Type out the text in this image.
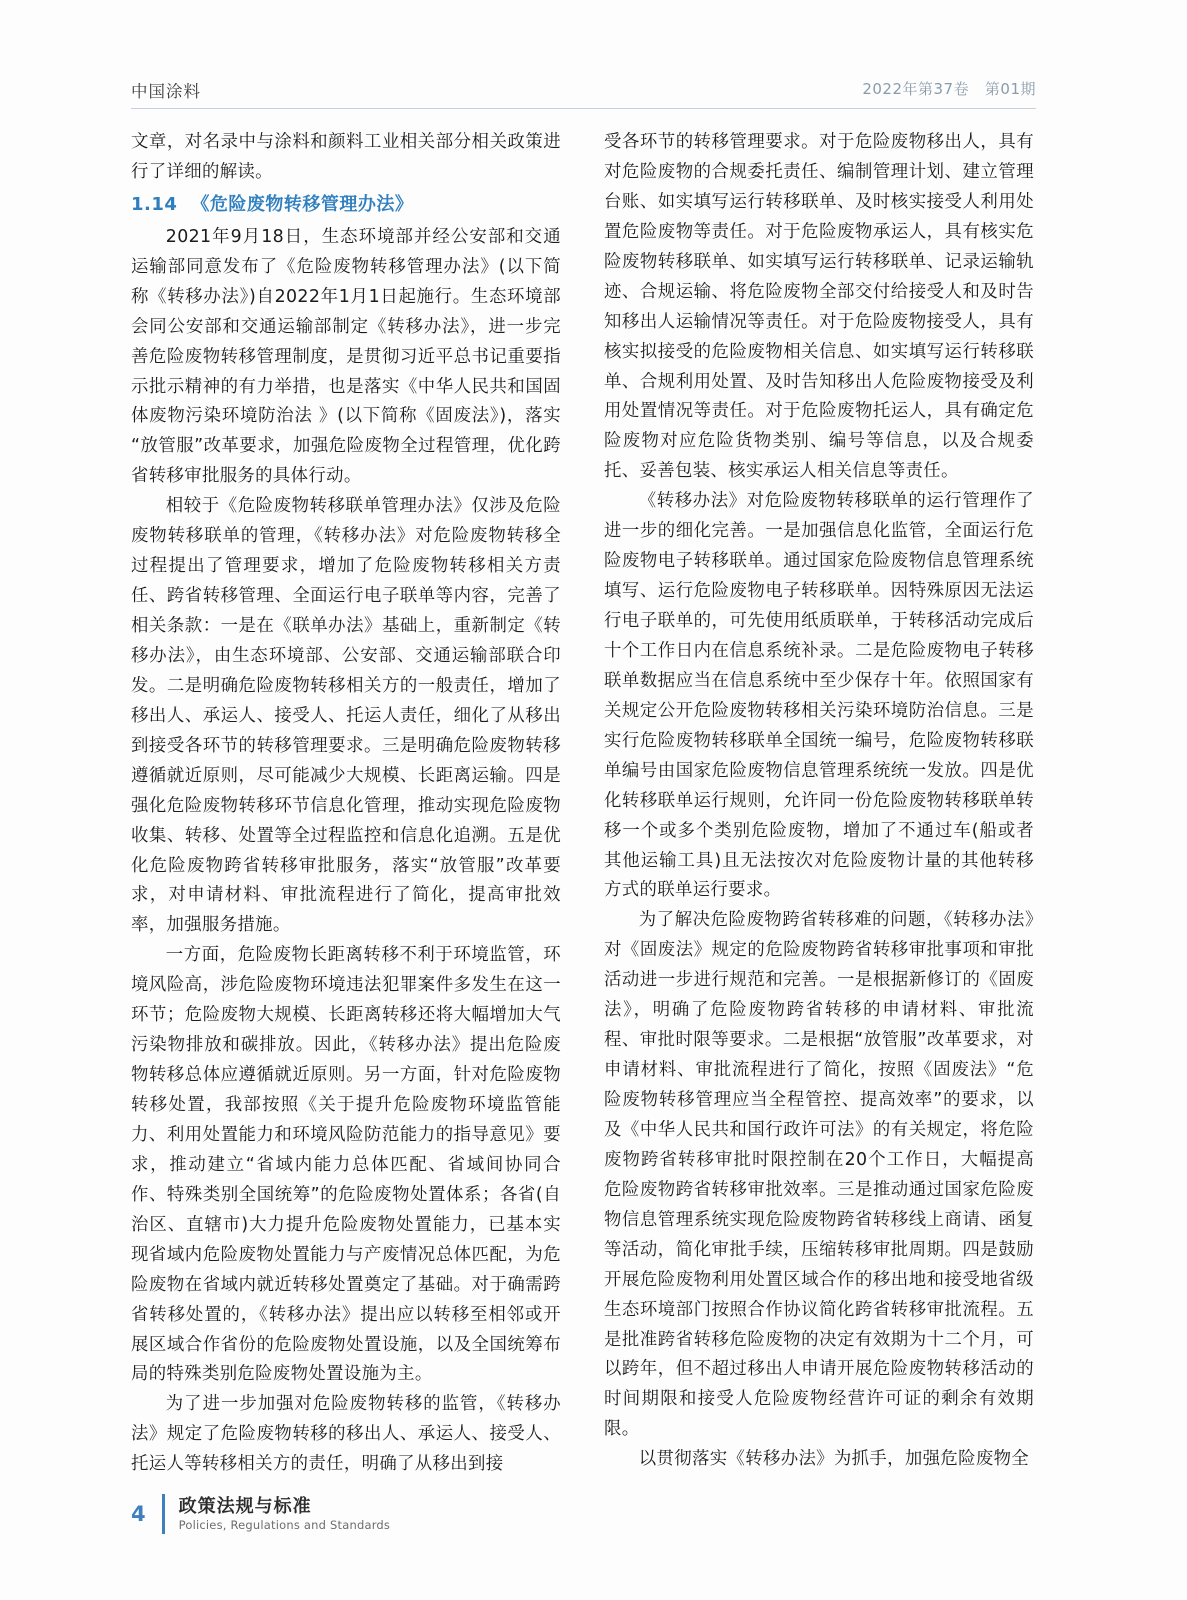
中国涂料	2022年第37卷   第01期

文章，对名录中与涂料和颜料工业相关部分相关政策进行了详细的解读。

1.14 《危险废物转移管理办法》

2021年9月18日，生态环境部并经公安部和交通运输部同意发布了《危险废物转移管理办法》(以下简称《转移办法》)自2022年1月1日起施行。生态环境部会同公安部和交通运输部制定《转移办法》，进一步完善危险废物转移管理制度，是贯彻习近平总书记重要指示批示精神的有力举措，也是落实《中华人民共和国固体废物污染环境防治法 》(以下简称《固废法》)，落实“放管服”改革要求，加强危险废物全过程管理，优化跨省转移审批服务的具体行动。

相较于《危险废物转移联单管理办法》仅涉及危险废物转移联单的管理，《转移办法》对危险废物转移全过程提出了管理要求，增加了危险废物转移相关方责任、跨省转移管理、全面运行电子联单等内容，完善了相关条款：一是在《联单办法》基础上，重新制定《转移办法》，由生态环境部、公安部、交通运输部联合印发。二是明确危险废物转移相关方的一般责任，增加了移出人、承运人、接受人、托运人责任，细化了从移出到接受各环节的转移管理要求。三是明确危险废物转移遵循就近原则，尽可能减少大规模、长距离运输。四是强化危险废物转移环节信息化管理，推动实现危险废物收集、转移、处置等全过程监控和信息化追溯。五是优化危险废物跨省转移审批服务，落实“放管服”改革要求，对申请材料、审批流程进行了简化，提高审批效率，加强服务措施。

一方面，危险废物长距离转移不利于环境监管，环境风险高，涉危险废物环境违法犯罪案件多发生在这一环节；危险废物大规模、长距离转移还将大幅增加大气污染物排放和碳排放。因此，《转移办法》提出危险废物转移总体应遵循就近原则。另一方面，针对危险废物转移处置，我部按照《关于提升危险废物环境监管能力、利用处置能力和环境风险防范能力的指导意见》要求，推动建立“省域内能力总体匹配、省域间协同合作、特殊类别全国统筹”的危险废物处置体系；各省(自治区、直辖市)大力提升危险废物处置能力，已基本实现省域内危险废物处置能力与产废情况总体匹配，为危险废物在省域内就近转移处置奠定了基础。对于确需跨省转移处置的，《转移办法》提出应以转移至相邻或开展区域合作省份的危险废物处置设施，以及全国统筹布局的特殊类别危险废物处置设施为主。

为了进一步加强对危险废物转移的监管，《转移办法》规定了危险废物转移的移出人、承运人、接受人、托运人等转移相关方的责任，明确了从移出到接

受各环节的转移管理要求。对于危险废物移出人，具有对危险废物的合规委托责任、编制管理计划、建立管理台账、如实填写运行转移联单、及时核实接受人利用处置危险废物等责任。对于危险废物承运人，具有核实危险废物转移联单、如实填写运行转移联单、记录运输轨迹、合规运输、将危险废物全部交付给接受人和及时告知移出人运输情况等责任。对于危险废物接受人，具有核实拟接受的危险废物相关信息、如实填写运行转移联单、合规利用处置、及时告知移出人危险废物接受及利用处置情况等责任。对于危险废物托运人，具有确定危险废物对应危险货物类别、编号等信息，以及合规委托、妥善包装、核实承运人相关信息等责任。

《转移办法》对危险废物转移联单的运行管理作了进一步的细化完善。一是加强信息化监管，全面运行危险废物电子转移联单。通过国家危险废物信息管理系统填写、运行危险废物电子转移联单。因特殊原因无法运行电子联单的，可先使用纸质联单，于转移活动完成后十个工作日内在信息系统补录。二是危险废物电子转移联单数据应当在信息系统中至少保存十年。依照国家有关规定公开危险废物转移相关污染环境防治信息。三是实行危险废物转移联单全国统一编号，危险废物转移联单编号由国家危险废物信息管理系统统一发放。四是优化转移联单运行规则，允许同一份危险废物转移联单转移一个或多个类别危险废物，增加了不通过车(船或者其他运输工具)且无法按次对危险废物计量的其他转移方式的联单运行要求。

为了解决危险废物跨省转移难的问题，《转移办法》对《固废法》规定的危险废物跨省转移审批事项和审批活动进一步进行规范和完善。一是根据新修订的《固废法》，明确了危险废物跨省转移的申请材料、审批流程、审批时限等要求。二是根据“放管服”改革要求，对申请材料、审批流程进行了简化，按照《固废法》“危险废物转移管理应当全程管控、提高效率”的要求，以及《中华人民共和国行政许可法》的有关规定，将危险废物跨省转移审批时限控制在20个工作日，大幅提高危险废物跨省转移审批效率。三是推动通过国家危险废物信息管理系统实现危险废物跨省转移线上商请、函复等活动，简化审批手续，压缩转移审批周期。四是鼓励开展危险废物利用处置区域合作的移出地和接受地省级生态环境部门按照合作协议简化跨省转移审批流程。五是批准跨省转移危险废物的决定有效期为十二个月，可以跨年，但不超过移出人申请开展危险废物转移活动的时间期限和接受人危险废物经营许可证的剩余有效期限。

以贯彻落实《转移办法》为抓手，加强危险废物全

4 政策法规与标准
Policies, Regulations and Standards
